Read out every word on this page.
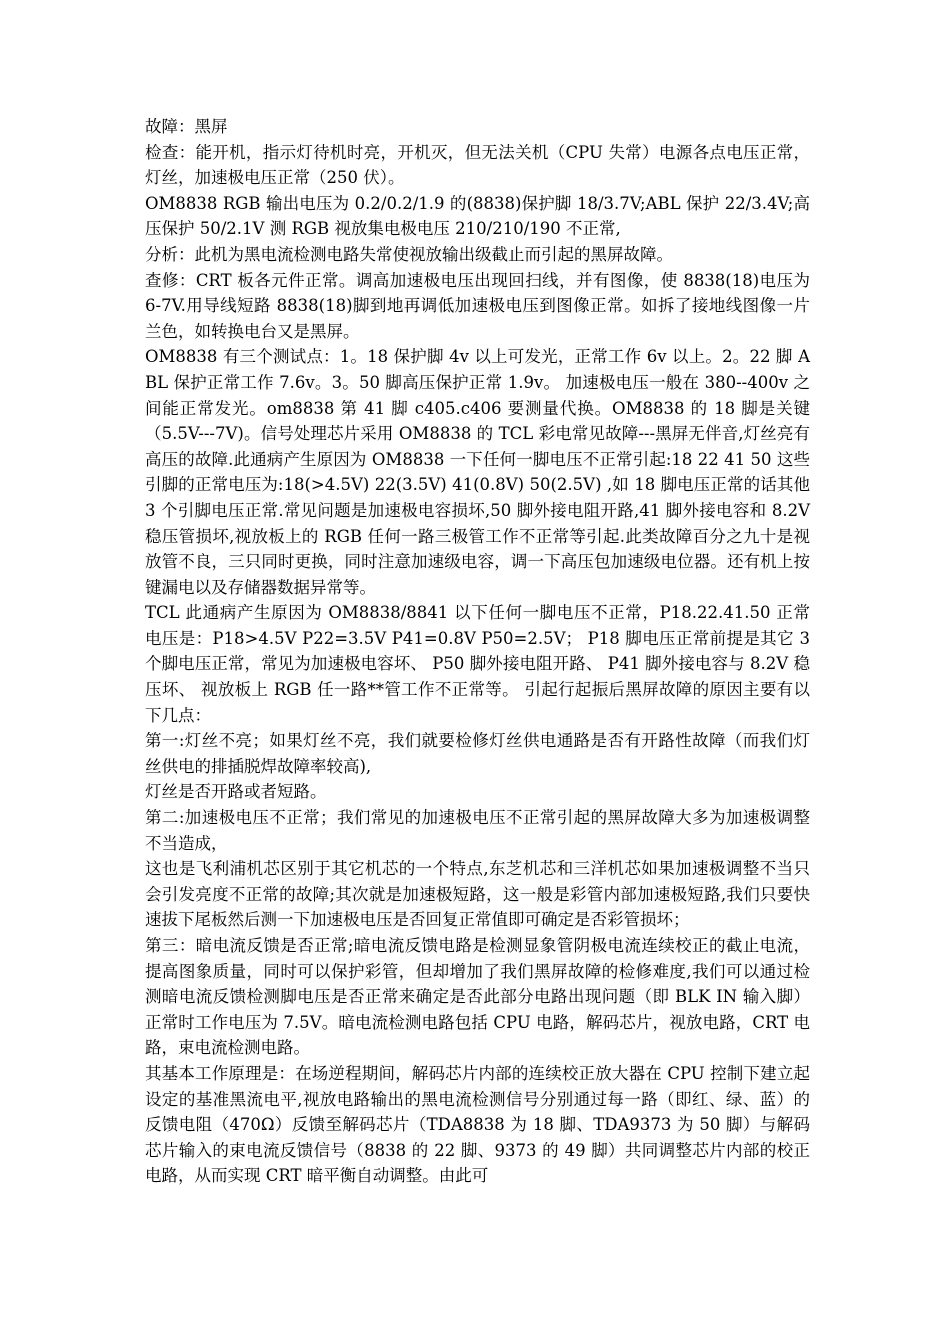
故障：黑屏

检查：能开机，指示灯待机时亮，开机灭，但无法关机（CPU 失常）电源各点电压正常，灯丝，加速极电压正常（250 伏）。

OM8838 RGB 输出电压为 0.2/0.2/1.9 的(8838)保护脚 18/3.7V;ABL 保护 22/3.4V;高压保护 50/2.1V 测 RGB 视放集电极电压 210/210/190 不正常,

分析：此机为黑电流检测电路失常使视放输出级截止而引起的黑屏故障。

查修：CRT 板各元件正常。调高加速极电压出现回扫线，并有图像，使 8838(18)电压为 6-7V.用导线短路 8838(18)脚到地再调低加速极电压到图像正常。如拆了接地线图像一片兰色，如转换电台又是黑屏。

OM8838 有三个测试点：1。18 保护脚 4v 以上可发光，正常工作 6v 以上。2。22 脚 ABL 保护正常工作 7.6v。3。50 脚高压保护正常 1.9v。 加速极电压一般在 380--400v 之间能正常发光。om8838 第 41 脚 c405.c406 要测量代换。OM8838 的 18 脚是关键（5.5V---7V)。信号处理芯片采用 OM8838 的 TCL 彩电常见故障---黑屏无伴音,灯丝亮有高压的故障.此通病产生原因为 OM8838 一下任何一脚电压不正常引起:18 22 41 50 这些引脚的正常电压为:18(>4.5V) 22(3.5V) 41(0.8V) 50(2.5V) ,如 18 脚电压正常的话其他 3 个引脚电压正常.常见问题是加速极电容损坏,50 脚外接电阻开路,41 脚外接电容和 8.2V 稳压管损坏,视放板上的 RGB 任何一路三极管工作不正常等引起.此类故障百分之九十是视放管不良，三只同时更换，同时注意加速级电容，调一下高压包加速级电位器。还有机上按键漏电以及存储器数据异常等。

TCL 此通病产生原因为 OM8838/8841 以下任何一脚电压不正常，P18.22.41.50 正常电压是：P18>4.5V P22=3.5V P41=0.8V P50=2.5V； P18 脚电压正常前提是其它 3 个脚电压正常，常见为加速极电容坏、 P50 脚外接电阻开路、 P41 脚外接电容与 8.2V 稳压坏、 视放板上 RGB 任一路**管工作不正常等。 引起行起振后黑屏故障的原因主要有以下几点：

第一:灯丝不亮；如果灯丝不亮，我们就要检修灯丝供电通路是否有开路性故障（而我们灯丝供电的排插脱焊故障率较高),

灯丝是否开路或者短路。

第二:加速极电压不正常；我们常见的加速极电压不正常引起的黑屏故障大多为加速极调整不当造成，

这也是飞利浦机芯区别于其它机芯的一个特点,东芝机芯和三洋机芯如果加速极调整不当只会引发亮度不正常的故障;其次就是加速极短路，这一般是彩管内部加速极短路,我们只要快速拔下尾板然后测一下加速极电压是否回复正常值即可确定是否彩管损坏；

第三：暗电流反馈是否正常;暗电流反馈电路是检测显象管阴极电流连续校正的截止电流，提高图象质量，同时可以保护彩管，但却增加了我们黑屏故障的检修难度,我们可以通过检测暗电流反馈检测脚电压是否正常来确定是否此部分电路出现问题（即 BLK IN 输入脚）正常时工作电压为 7.5V。暗电流检测电路包括 CPU 电路，解码芯片，视放电路，CRT 电路，束电流检测电路。

其基本工作原理是：在场逆程期间，解码芯片内部的连续校正放大器在 CPU 控制下建立起设定的基准黑流电平,视放电路输出的黑电流检测信号分别通过每一路（即红、绿、蓝）的反馈电阻（470Ω）反馈至解码芯片（TDA8838 为 18 脚、TDA9373 为 50 脚）与解码芯片输入的束电流反馈信号（8838 的 22 脚、9373 的 49 脚）共同调整芯片内部的校正电路，从而实现 CRT 暗平衡自动调整。由此可
